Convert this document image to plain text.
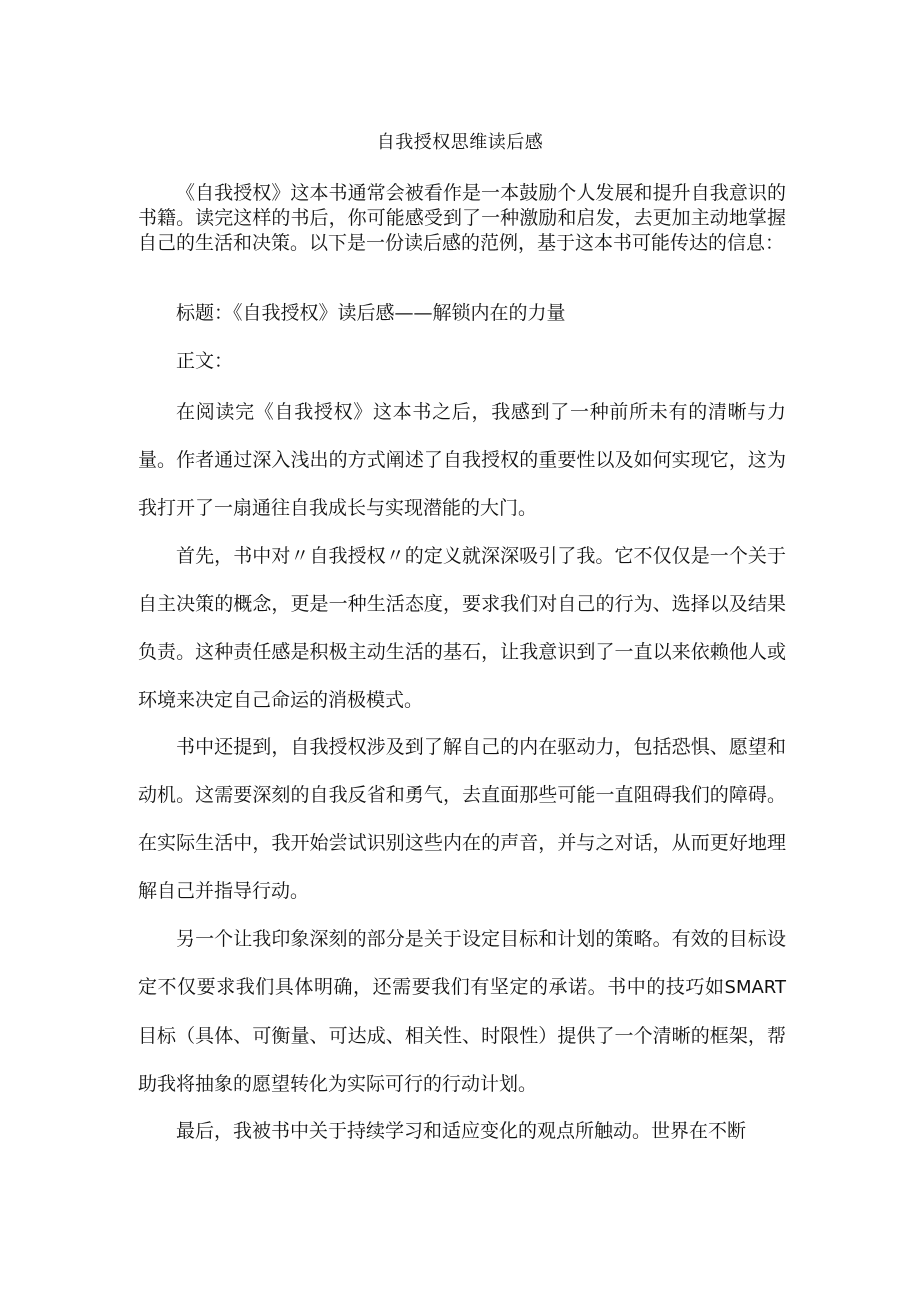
自我授权思维读后感

《自我授权》这本书通常会被看作是一本鼓励个人发展和提升自我意识的书籍。读完这样的书后，你可能感受到了一种激励和启发，去更加主动地掌握自己的生活和决策。以下是一份读后感的范例，基于这本书可能传达的信息：

标题：《自我授权》读后感——解锁内在的力量

正文：

在阅读完《自我授权》这本书之后，我感到了一种前所未有的清晰与力量。作者通过深入浅出的方式阐述了自我授权的重要性以及如何实现它，这为我打开了一扇通往自我成长与实现潜能的大门。

首先，书中对〃自我授权〃的定义就深深吸引了我。它不仅仅是一个关于自主决策的概念，更是一种生活态度，要求我们对自己的行为、选择以及结果负责。这种责任感是积极主动生活的基石，让我意识到了一直以来依赖他人或环境来决定自己命运的消极模式。

书中还提到，自我授权涉及到了解自己的内在驱动力，包括恐惧、愿望和动机。这需要深刻的自我反省和勇气，去直面那些可能一直阻碍我们的障碍。在实际生活中，我开始尝试识别这些内在的声音，并与之对话，从而更好地理解自己并指导行动。

另一个让我印象深刻的部分是关于设定目标和计划的策略。有效的目标设定不仅要求我们具体明确，还需要我们有坚定的承诺。书中的技巧如SMART目标（具体、可衡量、可达成、相关性、时限性）提供了一个清晰的框架，帮助我将抽象的愿望转化为实际可行的行动计划。

最后，我被书中关于持续学习和适应变化的观点所触动。世界在不断
